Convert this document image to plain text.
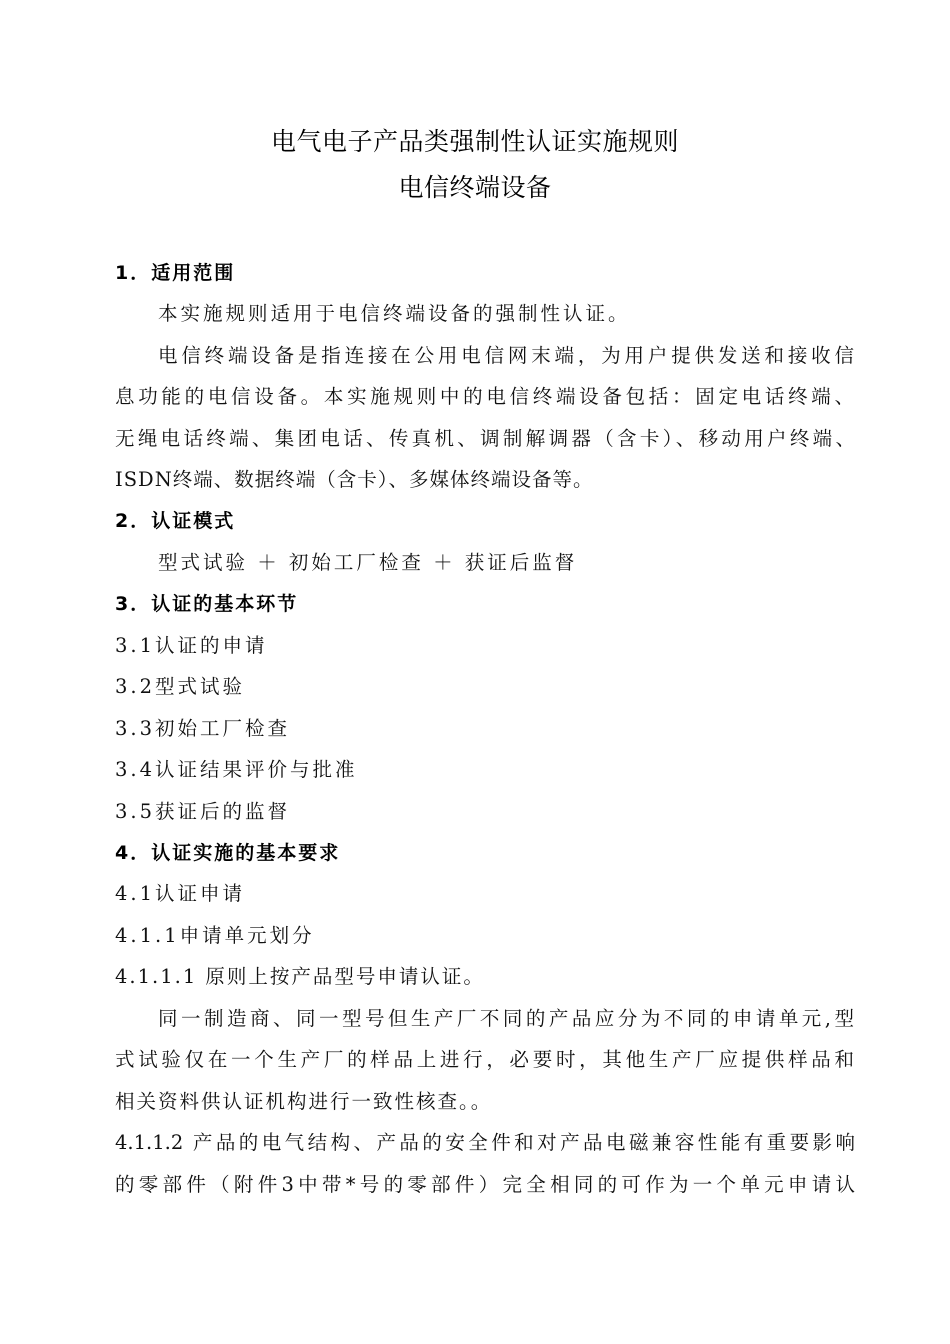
电气电子产品类强制性认证实施规则
电信终端设备
1．适用范围
本实施规则适用于电信终端设备的强制性认证。
电信终端设备是指连接在公用电信网末端，为用户提供发送和接收信
息功能的电信设备。本实施规则中的电信终端设备包括：固定电话终端、
无绳电话终端、集团电话、传真机、调制解调器（含卡）、移动用户终端、
ISDN终端、数据终端（含卡）、多媒体终端设备等。
2．认证模式
型式试验 ＋ 初始工厂检查 ＋ 获证后监督
3．认证的基本环节
3.1认证的申请
3.2型式试验
3.3初始工厂检查
3.4认证结果评价与批准
3.5获证后的监督
4．认证实施的基本要求
4.1认证申请
4.1.1申请单元划分
4.1.1.1 原则上按产品型号申请认证。
同一制造商、同一型号但生产厂不同的产品应分为不同的申请单元,型
式试验仅在一个生产厂的样品上进行，必要时，其他生产厂应提供样品和
相关资料供认证机构进行一致性核查。。
4.1.1.2 产品的电气结构、产品的安全件和对产品电磁兼容性能有重要影响
的零部件（附件3中带*号的零部件）完全相同的可作为一个单元申请认
